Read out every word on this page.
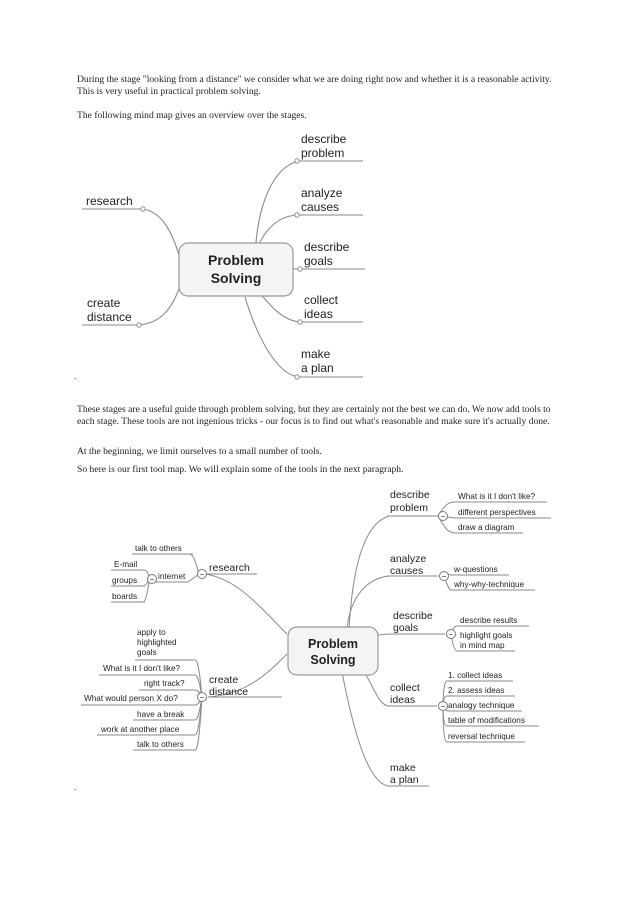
During the stage "looking from a distance" we consider what we are doing right now and whether it is a reasonable activity. This is very useful in practical problem solving.

The following mind map gives an overview over the stages.

Problem
Solving
describe
problem
analyze
causes
describe
goals
collect
ideas
make
a plan
research
create
distance
-

These stages are a useful guide through problem solving, but they are certainly not the best we can do. We now add tools to each stage. These tools are not ingenious tricks - our focus is to find out what's reasonable and make sure it's actually done.

At the beginning, we limit ourselves to a small number of tools.

So here is our first tool map. We will explain some of the tools in the next paragraph.

−
−
−
−
−
−
−
Problem
Solving
describe
problem
analyze
causes
describe
goals
collect
ideas
make
a plan
research
create
distance
What is it I don't like?
different perspectives
draw a diagram
w-questions
why-why-technique
describe results
highlight goals
in mind map
1. collect ideas
2. assess ideas
analogy technique
table of modifications
reversal technique
talk to others
E-mail
internet
groups
boards
apply to
highlighted
goals
What is it I don't like?
right track?
What would person X do?
have a break
work at another place
talk to others
-
